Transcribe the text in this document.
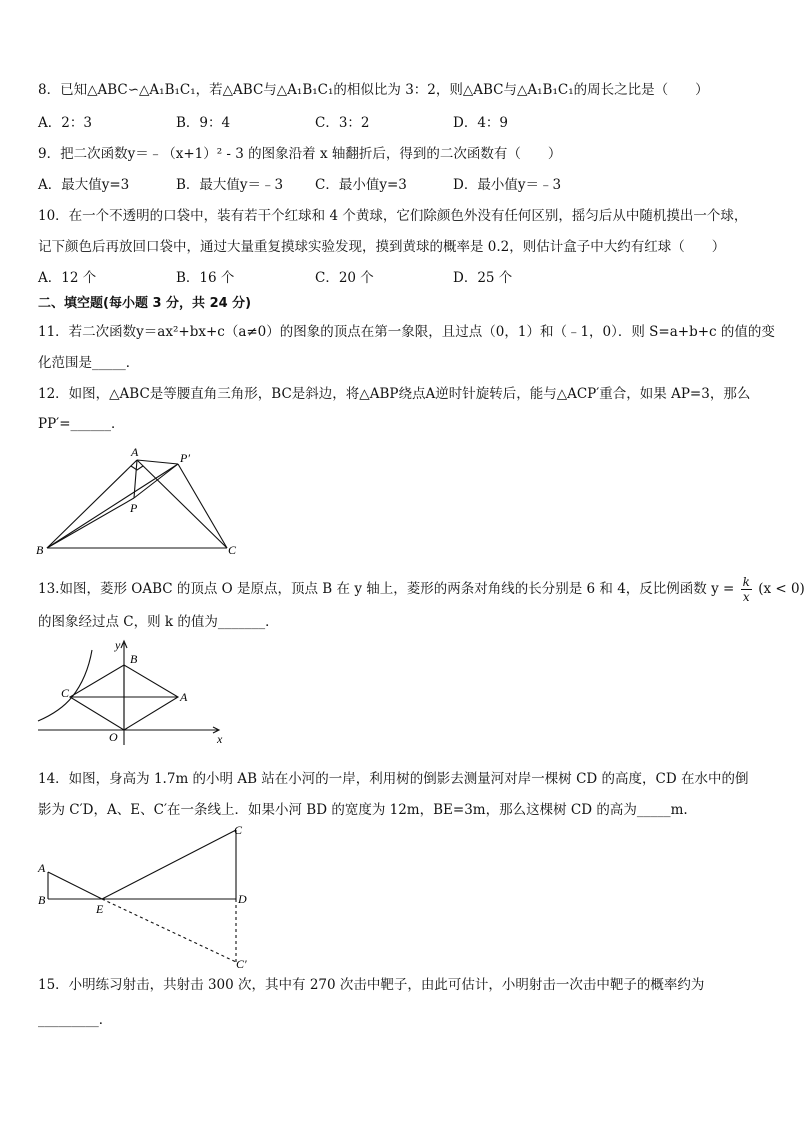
8．已知△ABC∽△A₁B₁C₁，若△ABC与△A₁B₁C₁的相似比为 3：2，则△ABC与△A₁B₁C₁的周长之比是（　　）
A．2：3	B．9：4	C．3：2	D．4：9
9．把二次函数y＝﹣（x+1）² - 3 的图象沿着 x 轴翻折后，得到的二次函数有（　　）
A．最大值y=3	B．最大值y＝﹣3 C．最小值y=3	D．最小值y＝﹣3
10．在一个不透明的口袋中，装有若干个红球和 4 个黄球，它们除颜色外没有任何区别，摇匀后从中随机摸出一个球，
记下颜色后再放回口袋中，通过大量重复摸球实验发现，摸到黄球的概率是 0.2，则估计盒子中大约有红球（　　）
A．12 个	B．16 个	C．20 个	D．25 个
二、填空题(每小题 3 分，共 24 分)
11．若二次函数y＝ax²+bx+c（a≠0）的图象的顶点在第一象限，且过点（0，1）和（﹣1，0）．则 S=a+b+c 的值的变
化范围是_____．
12．如图，△ABC是等腰直角三角形，BC是斜边，将△ABP绕点A逆时针旋转后，能与△ACP′重合，如果 AP=3，那么
PP′=______．
A	P′
P
B	C
13.如图，菱形 OABC 的顶点 O 是原点，顶点 B 在 y 轴上，菱形的两条对角线的长分别是 6 和 4，反比例函数 $y = \frac{k}{x} (x < 0)$
的图象经过点 C，则 k 的值为_______．
y
B
C	A
O	x
14．如图，身高为 1.7m 的小明 AB 站在小河的一岸，利用树的倒影去测量河对岸一棵树 CD 的高度，CD 在水中的倒
影为 C′D，A、E、C′在一条线上．如果小河 BD 的宽度为 12m，BE=3m，那么这棵树 CD 的高为_____m.
A
B
E
C
D
C′
15．小明练习射击，共射击 300 次，其中有 270 次击中靶子，由此可估计，小明射击一次击中靶子的概率约为
_________．
